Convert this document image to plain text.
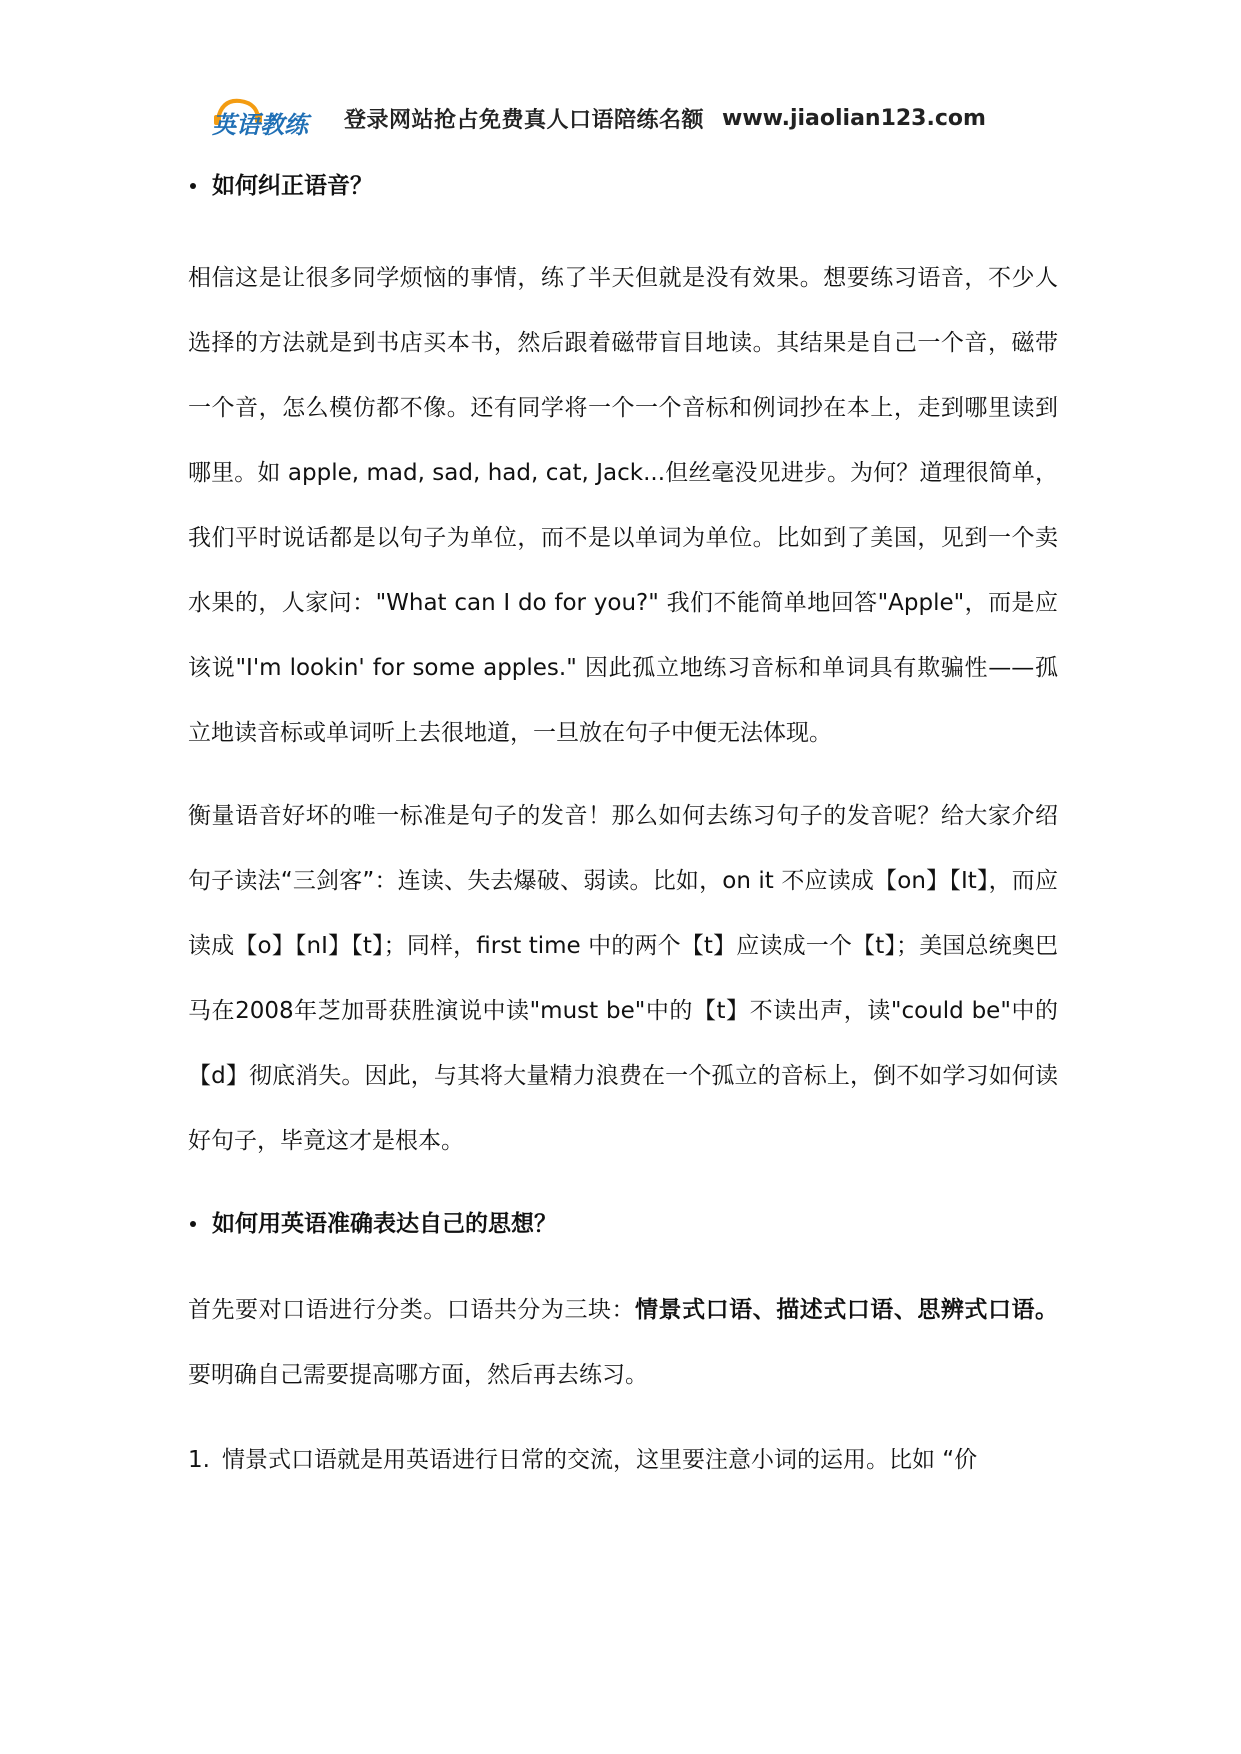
英语教练 登录网站抢占免费真人口语陪练名额 www.jiaolian123.com
如何纠正语音？

相信这是让很多同学烦恼的事情，练了半天但就是没有效果。想要练习语音，不少人选择的方法就是到书店买本书，然后跟着磁带盲目地读。其结果是自己一个音，磁带一个音，怎么模仿都不像。还有同学将一个一个音标和例词抄在本上，走到哪里读到哪里。如 apple, mad, sad, had, cat, Jack...但丝毫没见进步。为何？道理很简单，我们平时说话都是以句子为单位，而不是以单词为单位。比如到了美国，见到一个卖水果的，人家问："What can I do for you?" 我们不能简单地回答"Apple"，而是应该说"I'm lookin' for some apples." 因此孤立地练习音标和单词具有欺骗性——孤立地读音标或单词听上去很地道，一旦放在句子中便无法体现。

衡量语音好坏的唯一标准是句子的发音！那么如何去练习句子的发音呢？给大家介绍句子读法“三剑客”：连读、失去爆破、弱读。比如，on it 不应读成【on】【It】，而应读成【o】【nI】【t】；同样，first time 中的两个【t】应读成一个【t】；美国总统奥巴马在2008年芝加哥获胜演说中读"must be"中的【t】不读出声，读"could be"中的【d】彻底消失。因此，与其将大量精力浪费在一个孤立的音标上，倒不如学习如何读好句子，毕竟这才是根本。

如何用英语准确表达自己的思想？

首先要对口语进行分类。口语共分为三块：情景式口语、描述式口语、思辨式口语。要明确自己需要提高哪方面，然后再去练习。

1. 情景式口语就是用英语进行日常的交流，这里要注意小词的运用。比如 “价
